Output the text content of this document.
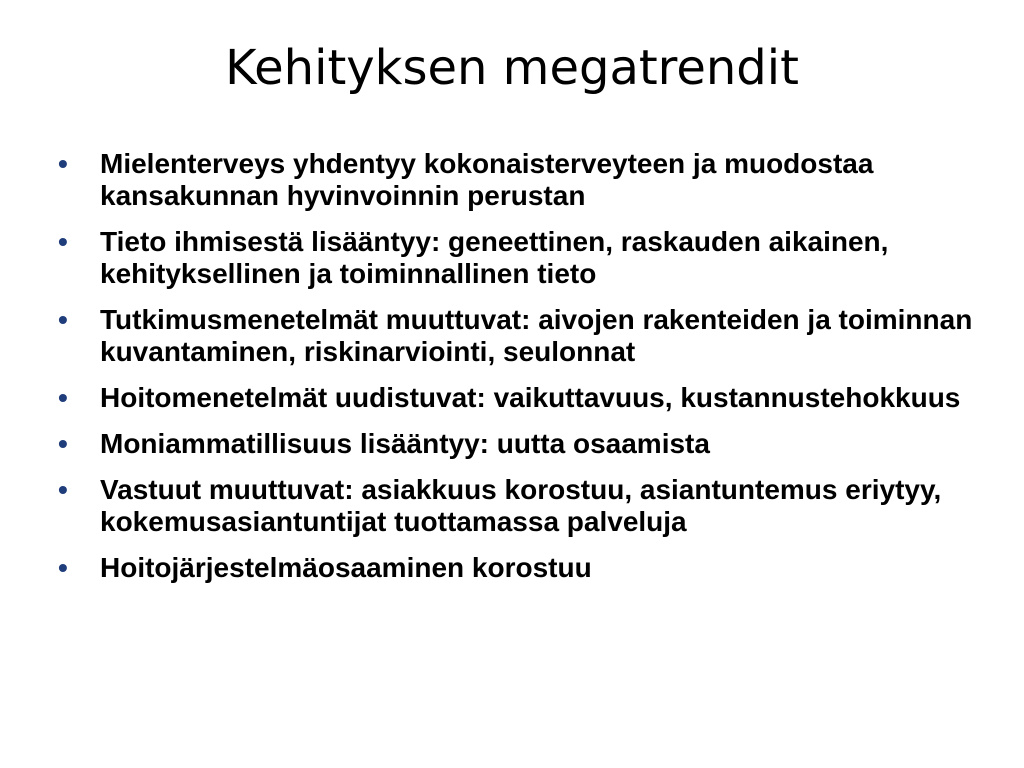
Kehityksen megatrendit
•	Mielenterveys yhdentyy kokonaisterveyteen ja muodostaa kansakunnan hyvinvoinnin perustan
•	Tieto ihmisestä lisääntyy: geneettinen, raskauden aikainen, kehityksellinen ja toiminnallinen tieto
•	Tutkimusmenetelmät muuttuvat: aivojen rakenteiden ja toiminnan kuvantaminen, riskinarviointi, seulonnat
•	Hoitomenetelmät uudistuvat: vaikuttavuus, kustannustehokkuus
•	Moniammatillisuus lisääntyy: uutta osaamista
•	Vastuut muuttuvat: asiakkuus korostuu, asiantuntemus eriytyy, kokemusasiantuntijat tuottamassa palveluja
•	Hoitojärjestelmäosaaminen korostuu
